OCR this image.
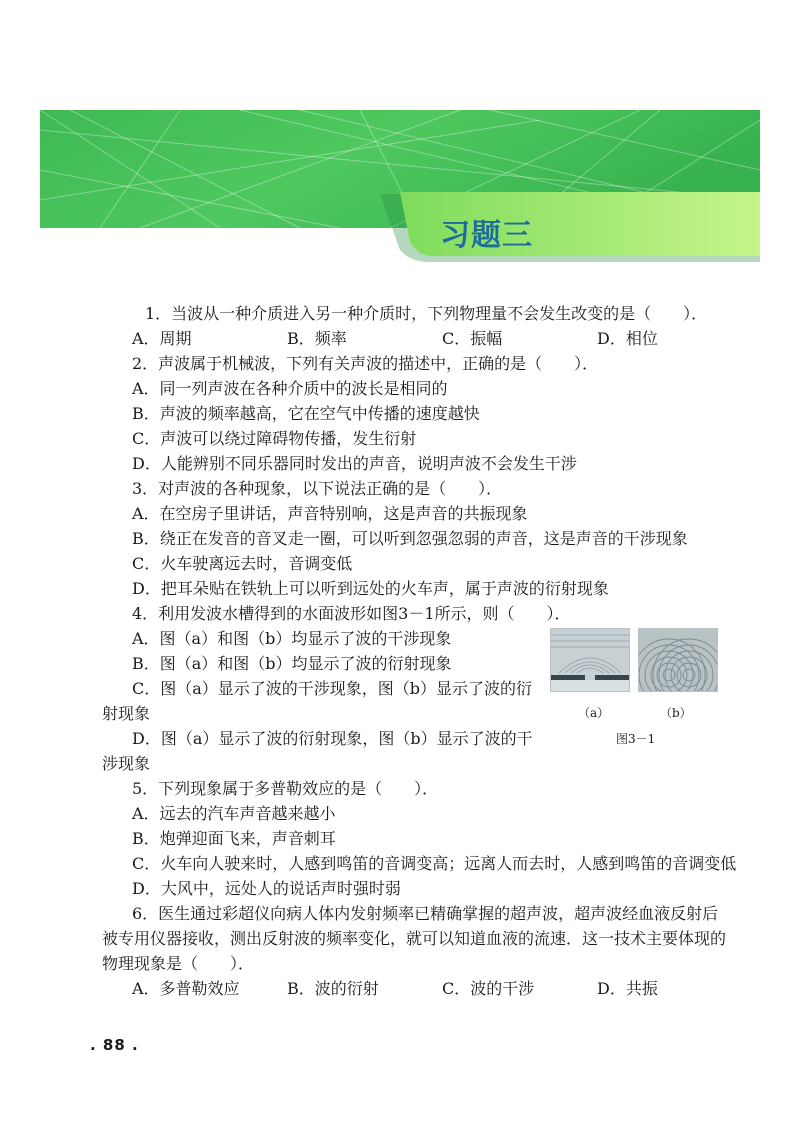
习题三
1．当波从一种介质进入另一种介质时，下列物理量不会发生改变的是（　　）．
A．周期	B．频率	C．振幅	D．相位
2．声波属于机械波，下列有关声波的描述中，正确的是（　　）．
A．同一列声波在各种介质中的波长是相同的
B．声波的频率越高，它在空气中传播的速度越快
C．声波可以绕过障碍物传播，发生衍射
D．人能辨别不同乐器同时发出的声音，说明声波不会发生干涉
3．对声波的各种现象，以下说法正确的是（　　）．
A．在空房子里讲话，声音特别响，这是声音的共振现象
B．绕正在发音的音叉走一圈，可以听到忽强忽弱的声音，这是声音的干涉现象
C．火车驶离远去时，音调变低
D．把耳朵贴在铁轨上可以听到远处的火车声，属于声波的衍射现象
4．利用发波水槽得到的水面波形如图3－1所示，则（　　）．
A．图（a）和图（b）均显示了波的干涉现象
B．图（a）和图（b）均显示了波的衍射现象
C．图（a）显示了波的干涉现象，图（b）显示了波的衍
射现象
D．图（a）显示了波的衍射现象，图（b）显示了波的干
涉现象
（a）	（b）
图3－1
5．下列现象属于多普勒效应的是（　　）．
A．远去的汽车声音越来越小
B．炮弹迎面飞来，声音刺耳
C．火车向人驶来时，人感到鸣笛的音调变高；远离人而去时，人感到鸣笛的音调变低
D．大风中，远处人的说话声时强时弱
6．医生通过彩超仪向病人体内发射频率已精确掌握的超声波，超声波经血液反射后
被专用仪器接收，测出反射波的频率变化，就可以知道血液的流速．这一技术主要体现的
物理现象是（　　）．
A．多普勒效应	B．波的衍射	C．波的干涉	D．共振
. 88 .
